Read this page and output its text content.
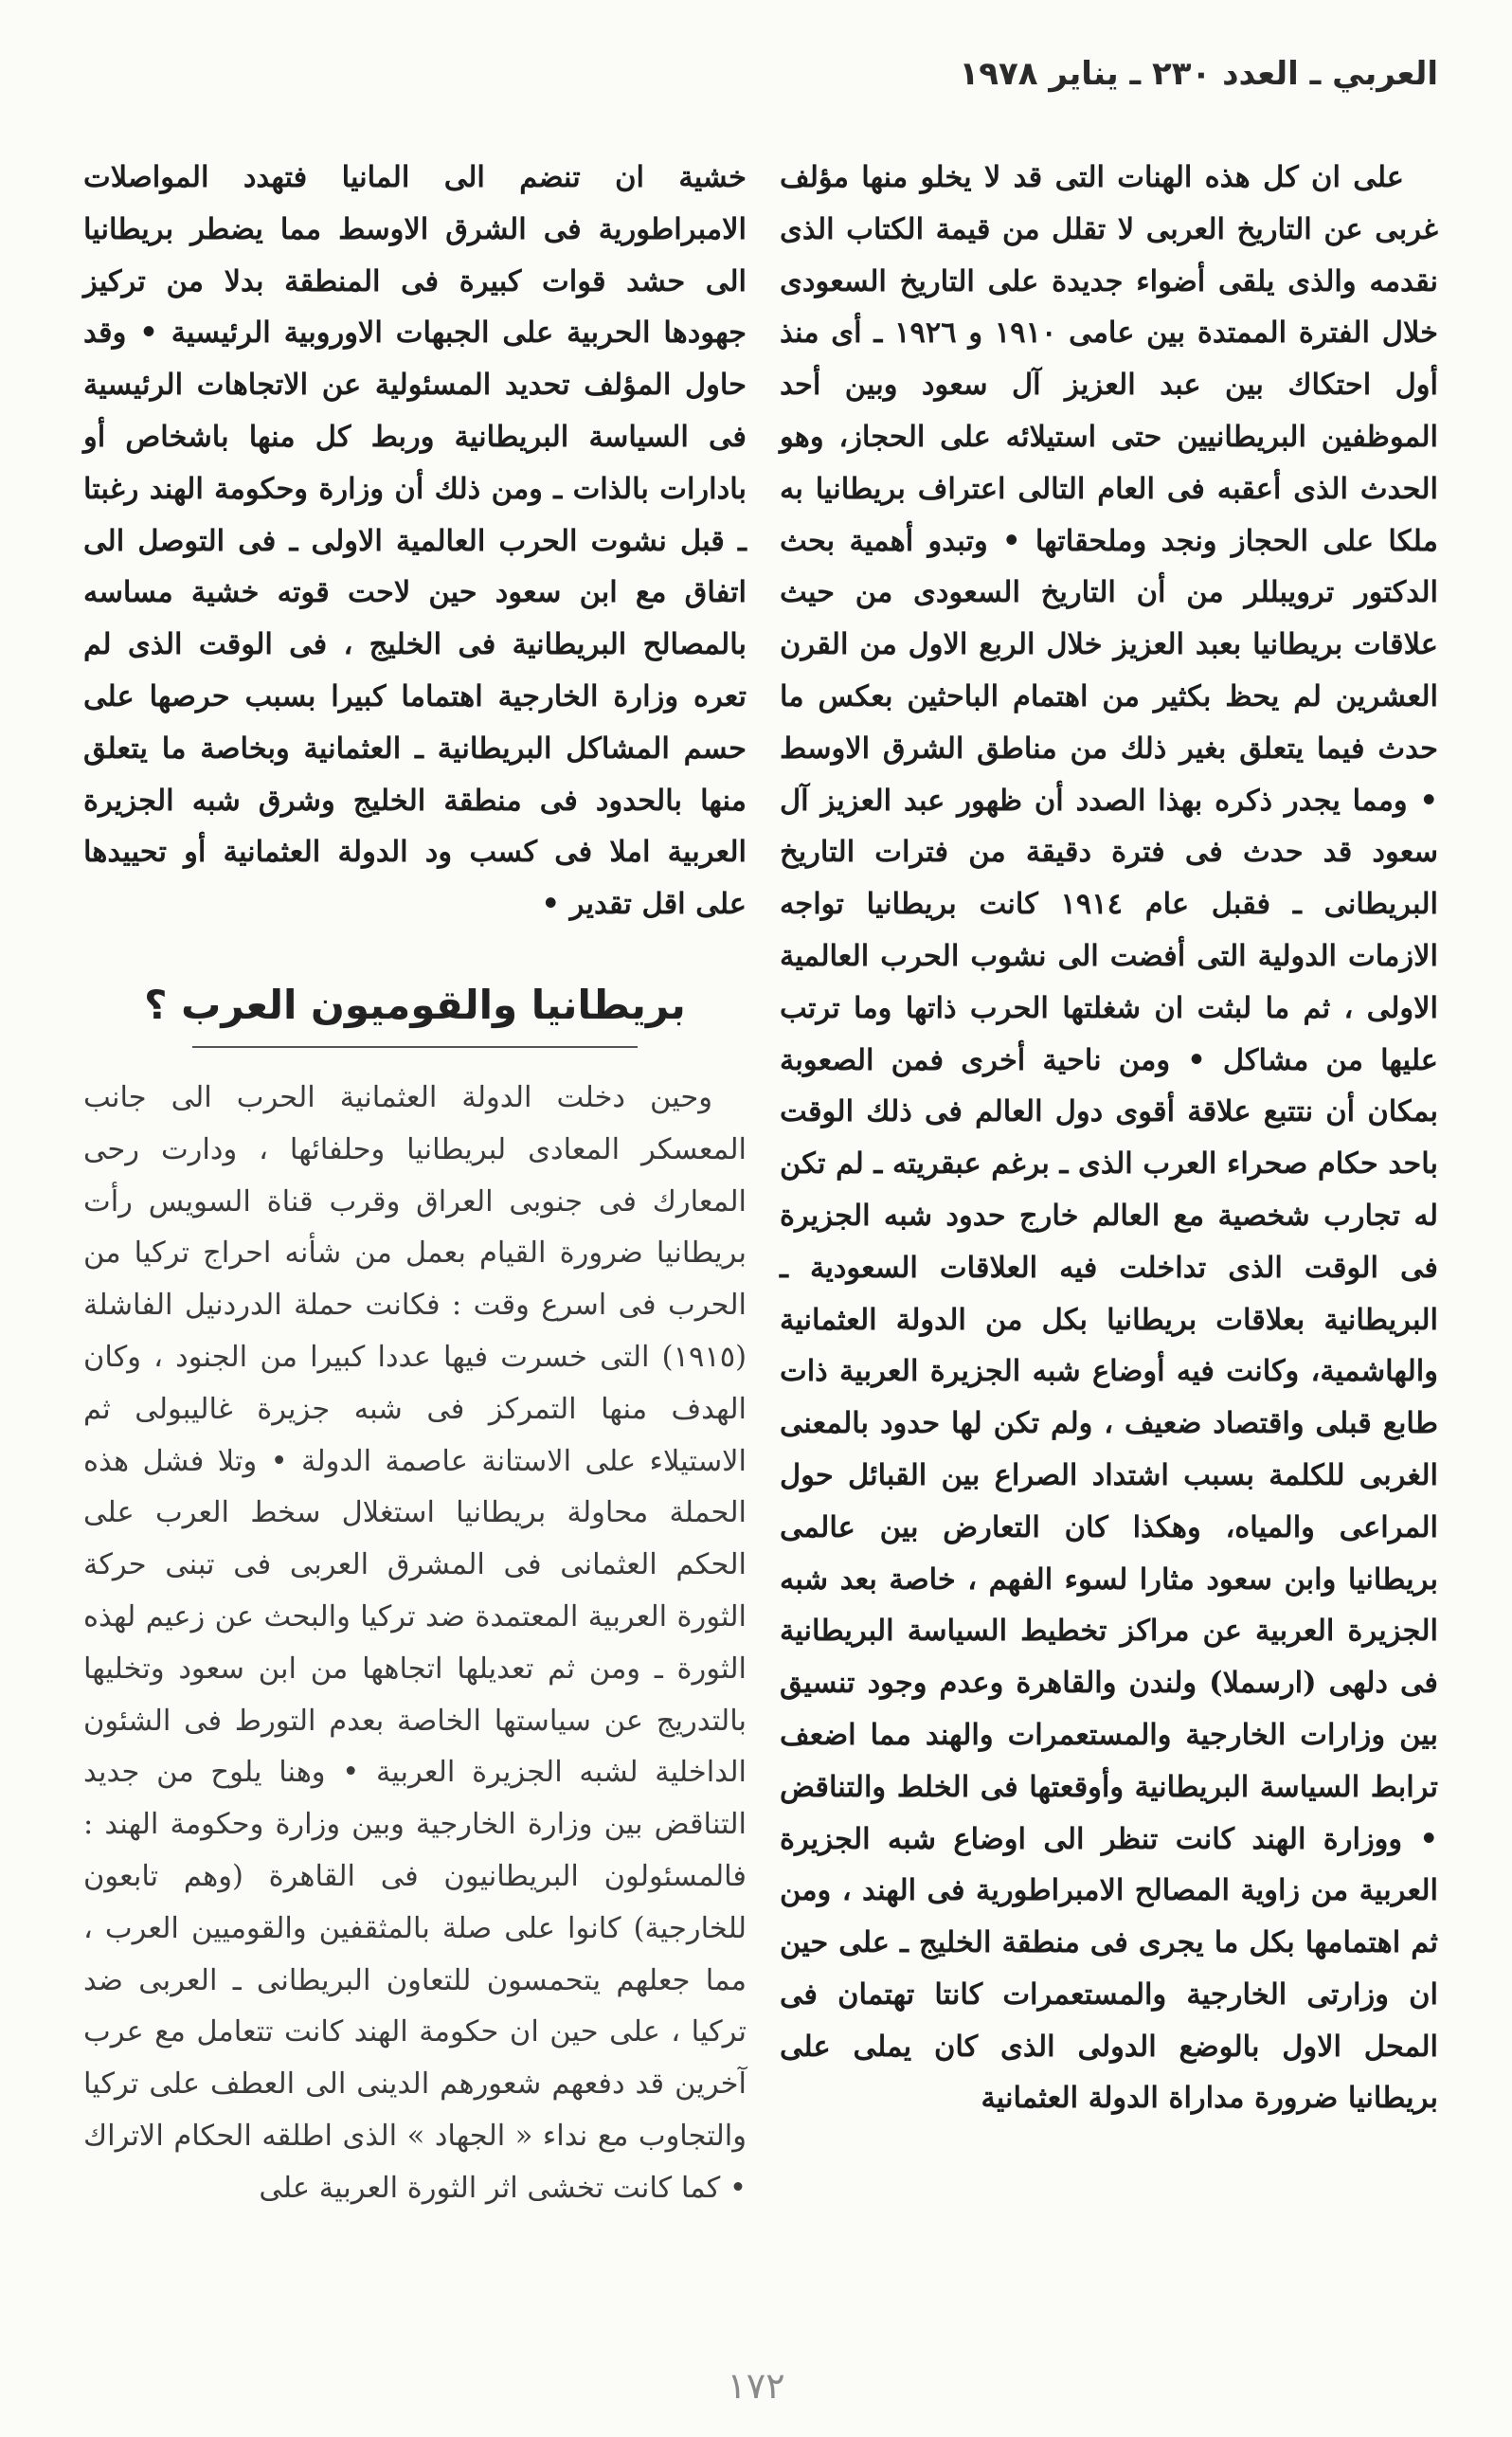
العربي ـ العدد ٢٣٠ ـ يناير ١٩٧٨

على ان كل هذه الهنات التى قد لا يخلو منها مؤلف غربى عن التاريخ العربى لا تقلل من قيمة الكتاب الذى نقدمه والذى يلقى أضواء جديدة على التاريخ السعودى خلال الفترة الممتدة بين عامى ١٩١٠ و ١٩٢٦ ـ أى منذ أول احتكاك بين عبد العزيز آل سعود وبين أحد الموظفين البريطانيين حتى استيلائه على الحجاز، وهو الحدث الذى أعقبه فى العام التالى اعتراف بريطانيا به ملكا على الحجاز ونجد وملحقاتها • وتبدو أهمية بحث الدكتور ترويبللر من أن التاريخ السعودى من حيث علاقات بريطانيا بعبد العزيز خلال الربع الاول من القرن العشرين لم يحظ بكثير من اهتمام الباحثين بعكس ما حدث فيما يتعلق بغير ذلك من مناطق الشرق الاوسط • ومما يجدر ذكره بهذا الصدد أن ظهور عبد العزيز آل سعود قد حدث فى فترة دقيقة من فترات التاريخ البريطانى ـ فقبل عام ١٩١٤ كانت بريطانيا تواجه الازمات الدولية التى أفضت الى نشوب الحرب العالمية الاولى ، ثم ما لبثت ان شغلتها الحرب ذاتها وما ترتب عليها من مشاكل • ومن ناحية أخرى فمن الصعوبة بمكان أن نتتبع علاقة أقوى دول العالم فى ذلك الوقت باحد حكام صحراء العرب الذى ـ برغم عبقريته ـ لم تكن له تجارب شخصية مع العالم خارج حدود شبه الجزيرة فى الوقت الذى تداخلت فيه العلاقات السعودية ـ البريطانية بعلاقات بريطانيا بكل من الدولة العثمانية والهاشمية، وكانت فيه أوضاع شبه الجزيرة العربية ذات طابع قبلى واقتصاد ضعيف ، ولم تكن لها حدود بالمعنى الغربى للكلمة بسبب اشتداد الصراع بين القبائل حول المراعى والمياه، وهكذا كان التعارض بين عالمى بريطانيا وابن سعود مثارا لسوء الفهم ، خاصة بعد شبه الجزيرة العربية عن مراكز تخطيط السياسة البريطانية فى دلهى (ارسملا) ولندن والقاهرة وعدم وجود تنسيق بين وزارات الخارجية والمستعمرات والهند مما اضعف ترابط السياسة البريطانية وأوقعتها فى الخلط والتناقض • ووزارة الهند كانت تنظر الى اوضاع شبه الجزيرة العربية من زاوية المصالح الامبراطورية فى الهند ، ومن ثم اهتمامها بكل ما يجرى فى منطقة الخليج ـ على حين ان وزارتى الخارجية والمستعمرات كانتا تهتمان فى المحل الاول بالوضع الدولى الذى كان يملى على بريطانيا ضرورة مداراة الدولة العثمانية

خشية ان تنضم الى المانيا فتهدد المواصلات الامبراطورية فى الشرق الاوسط مما يضطر بريطانيا الى حشد قوات كبيرة فى المنطقة بدلا من تركيز جهودها الحربية على الجبهات الاوروبية الرئيسية • وقد حاول المؤلف تحديد المسئولية عن الاتجاهات الرئيسية فى السياسة البريطانية وربط كل منها باشخاص أو بادارات بالذات ـ ومن ذلك أن وزارة وحكومة الهند رغبتا ـ قبل نشوت الحرب العالمية الاولى ـ فى التوصل الى اتفاق مع ابن سعود حين لاحت قوته خشية مساسه بالمصالح البريطانية فى الخليج ، فى الوقت الذى لم تعره وزارة الخارجية اهتماما كبيرا بسبب حرصها على حسم المشاكل البريطانية ـ العثمانية وبخاصة ما يتعلق منها بالحدود فى منطقة الخليج وشرق شبه الجزيرة العربية املا فى كسب ود الدولة العثمانية أو تحييدها على اقل تقدير •

بريطانيا والقوميون العرب ؟

وحين دخلت الدولة العثمانية الحرب الى جانب المعسكر المعادى لبريطانيا وحلفائها ، ودارت رحى المعارك فى جنوبى العراق وقرب قناة السويس رأت بريطانيا ضرورة القيام بعمل من شأنه احراج تركيا من الحرب فى اسرع وقت : فكانت حملة الدردنيل الفاشلة (١٩١٥) التى خسرت فيها عددا كبيرا من الجنود ، وكان الهدف منها التمركز فى شبه جزيرة غاليبولى ثم الاستيلاء على الاستانة عاصمة الدولة • وتلا فشل هذه الحملة محاولة بريطانيا استغلال سخط العرب على الحكم العثمانى فى المشرق العربى فى تبنى حركة الثورة العربية المعتمدة ضد تركيا والبحث عن زعيم لهذه الثورة ـ ومن ثم تعديلها اتجاهها من ابن سعود وتخليها بالتدريج عن سياستها الخاصة بعدم التورط فى الشئون الداخلية لشبه الجزيرة العربية • وهنا يلوح من جديد التناقض بين وزارة الخارجية وبين وزارة وحكومة الهند : فالمسئولون البريطانيون فى القاهرة (وهم تابعون للخارجية) كانوا على صلة بالمثقفين والقوميين العرب ، مما جعلهم يتحمسون للتعاون البريطانى ـ العربى ضد تركيا ، على حين ان حكومة الهند كانت تتعامل مع عرب آخرين قد دفعهم شعورهم الدينى الى العطف على تركيا والتجاوب مع نداء « الجهاد » الذى اطلقه الحكام الاتراك • كما كانت تخشى اثر الثورة العربية على

١٧٢
